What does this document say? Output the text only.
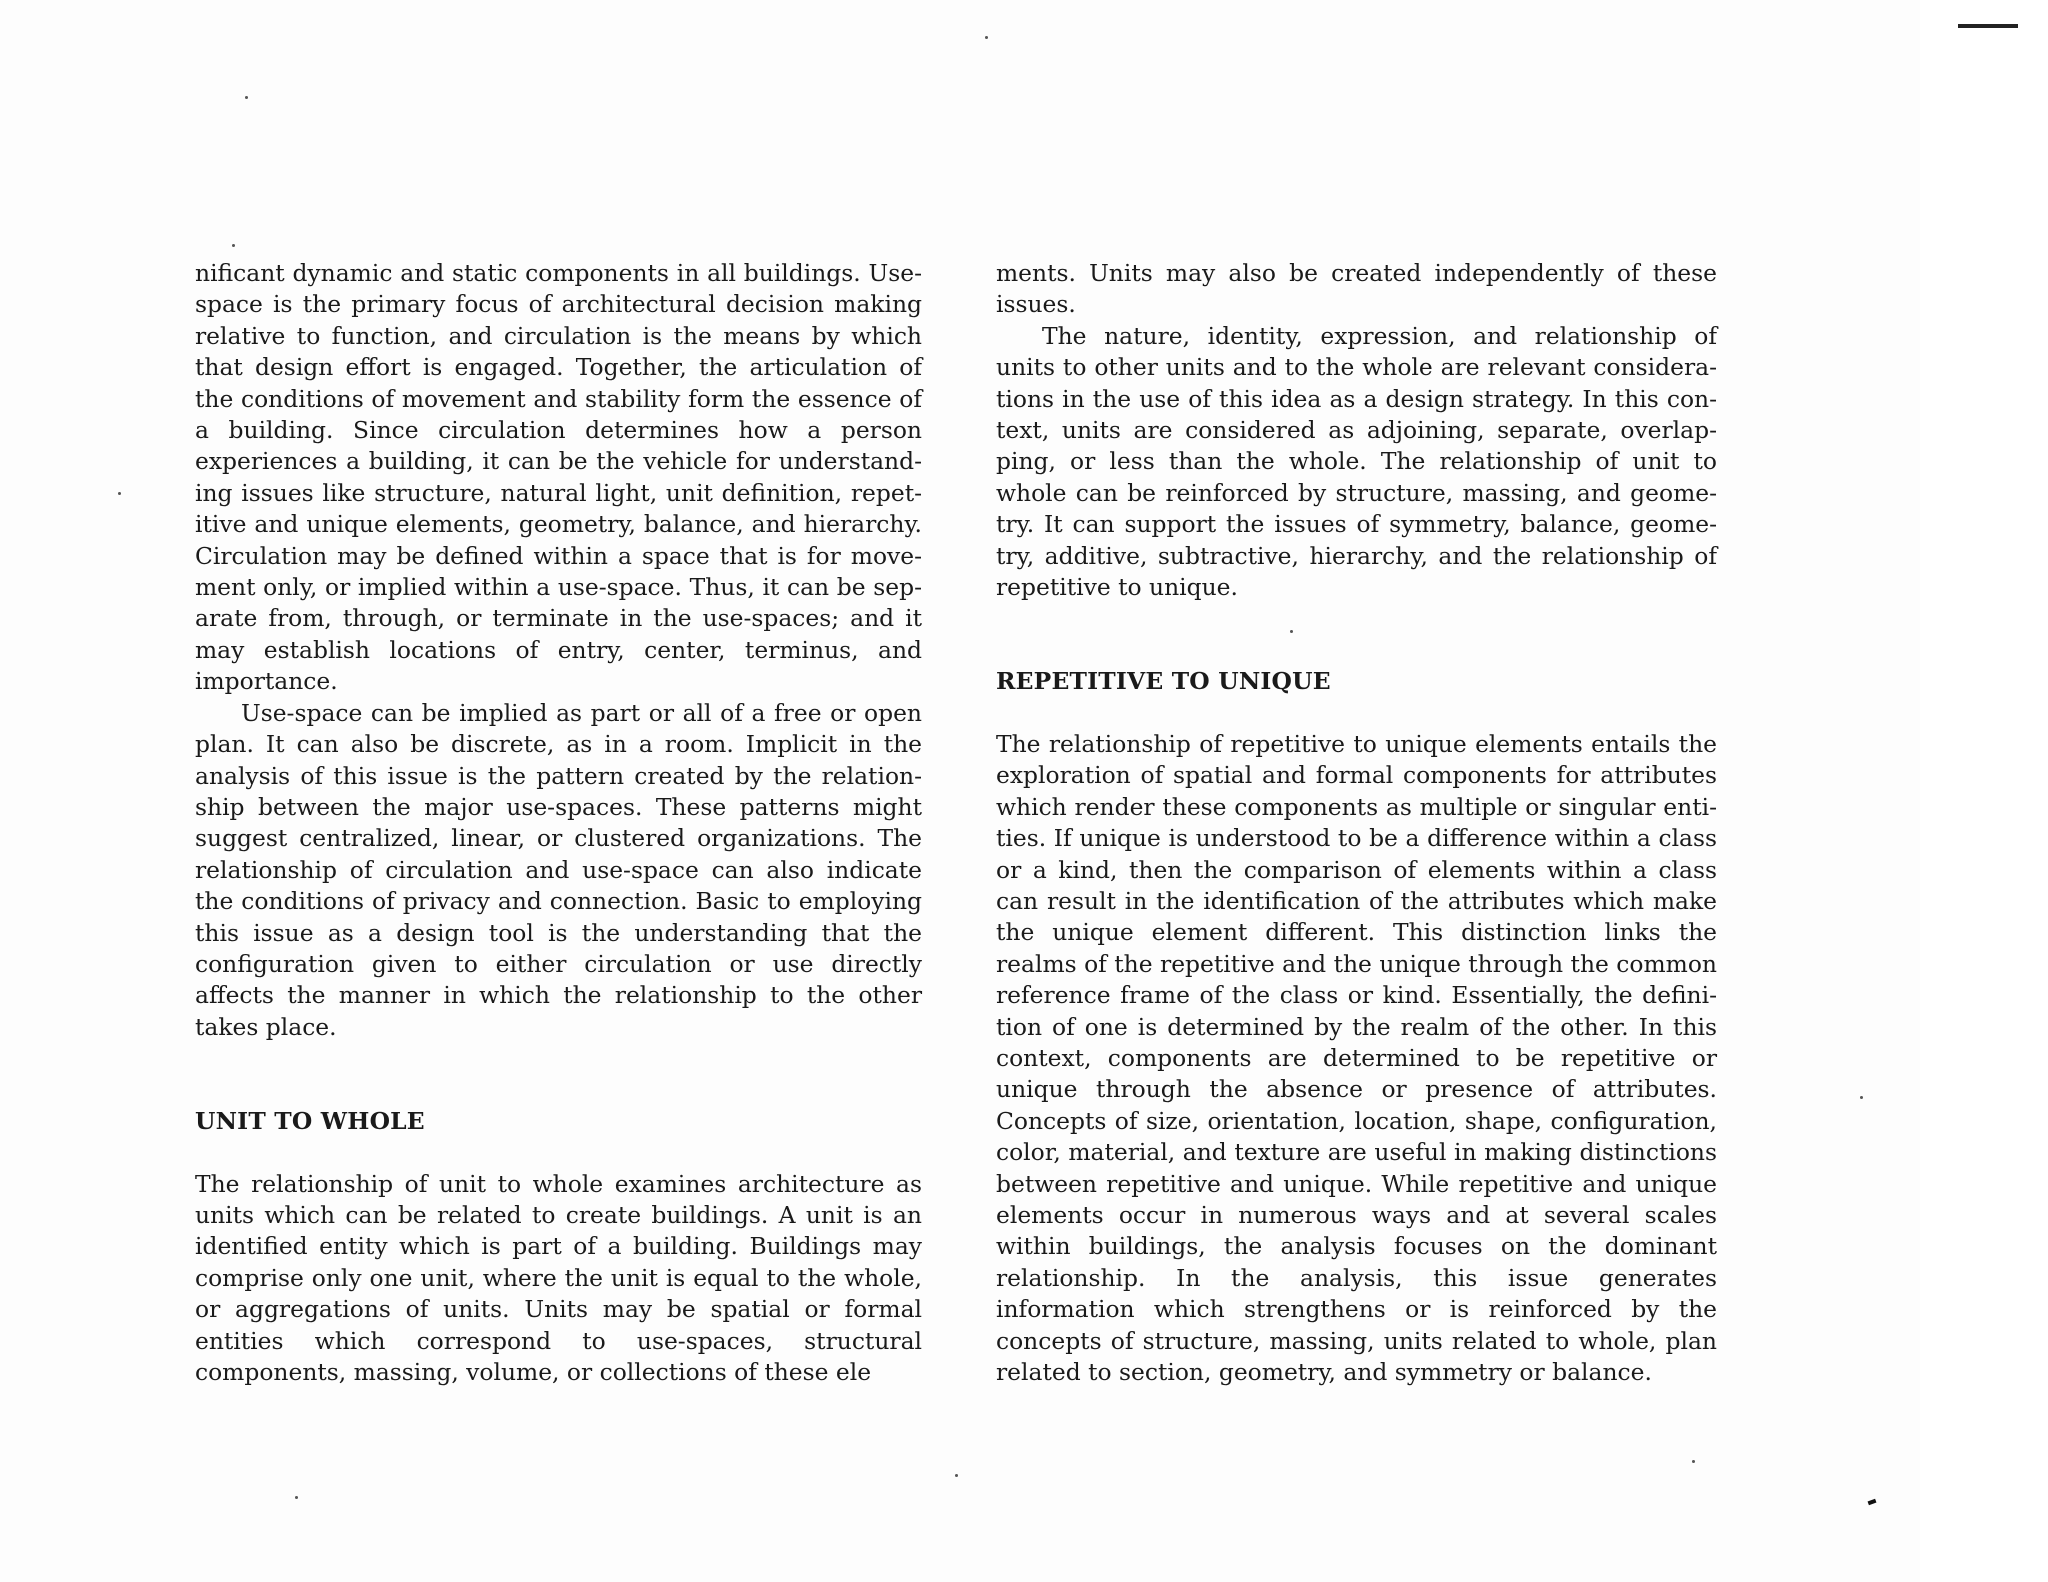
nificant dynamic and static components in all buildings. Use-space is the primary focus of architectural decision making relative to function, and circulation is the means by which that design effort is engaged. Together, the articulation of the conditions of movement and stability form the essence of a building. Since circulation determines how a person experiences a building, it can be the vehicle for understanding issues like structure, natural light, unit definition, repetitive and unique elements, geometry, balance, and hierarchy. Circulation may be defined within a space that is for movement only, or implied within a use-space. Thus, it can be separate from, through, or terminate in the use-spaces; and it may establish locations of entry, center, terminus, and importance.

Use-space can be implied as part or all of a free or open plan. It can also be discrete, as in a room. Implicit in the analysis of this issue is the pattern created by the relationship between the major use-spaces. These patterns might suggest centralized, linear, or clustered organizations. The relationship of circulation and use-space can also indicate the conditions of privacy and connection. Basic to employing this issue as a design tool is the understanding that the configuration given to either circulation or use directly affects the manner in which the relationship to the other takes place.

UNIT TO WHOLE

The relationship of unit to whole examines architecture as units which can be related to create buildings. A unit is an identified entity which is part of a building. Buildings may comprise only one unit, where the unit is equal to the whole, or aggregations of units. Units may be spatial or formal entities which correspond to use-spaces, structural components, massing, volume, or collections of these ele

ments. Units may also be created independently of these issues.

The nature, identity, expression, and relationship of units to other units and to the whole are relevant considerations in the use of this idea as a design strategy. In this context, units are considered as adjoining, separate, overlapping, or less than the whole. The relationship of unit to whole can be reinforced by structure, massing, and geometry. It can support the issues of symmetry, balance, geometry, additive, subtractive, hierarchy, and the relationship of repetitive to unique.

REPETITIVE TO UNIQUE

The relationship of repetitive to unique elements entails the exploration of spatial and formal components for attributes which render these components as multiple or singular entities. If unique is understood to be a difference within a class or a kind, then the comparison of elements within a class can result in the identification of the attributes which make the unique element different. This distinction links the realms of the repetitive and the unique through the common reference frame of the class or kind. Essentially, the definition of one is determined by the realm of the other. In this context, components are determined to be repetitive or unique through the absence or presence of attributes. Concepts of size, orientation, location, shape, configuration, color, material, and texture are useful in making distinctions between repetitive and unique. While repetitive and unique elements occur in numerous ways and at several scales within buildings, the analysis focuses on the dominant relationship. In the analysis, this issue generates information which strengthens or is reinforced by the concepts of structure, massing, units related to whole, plan related to section, geometry, and symmetry or balance.
